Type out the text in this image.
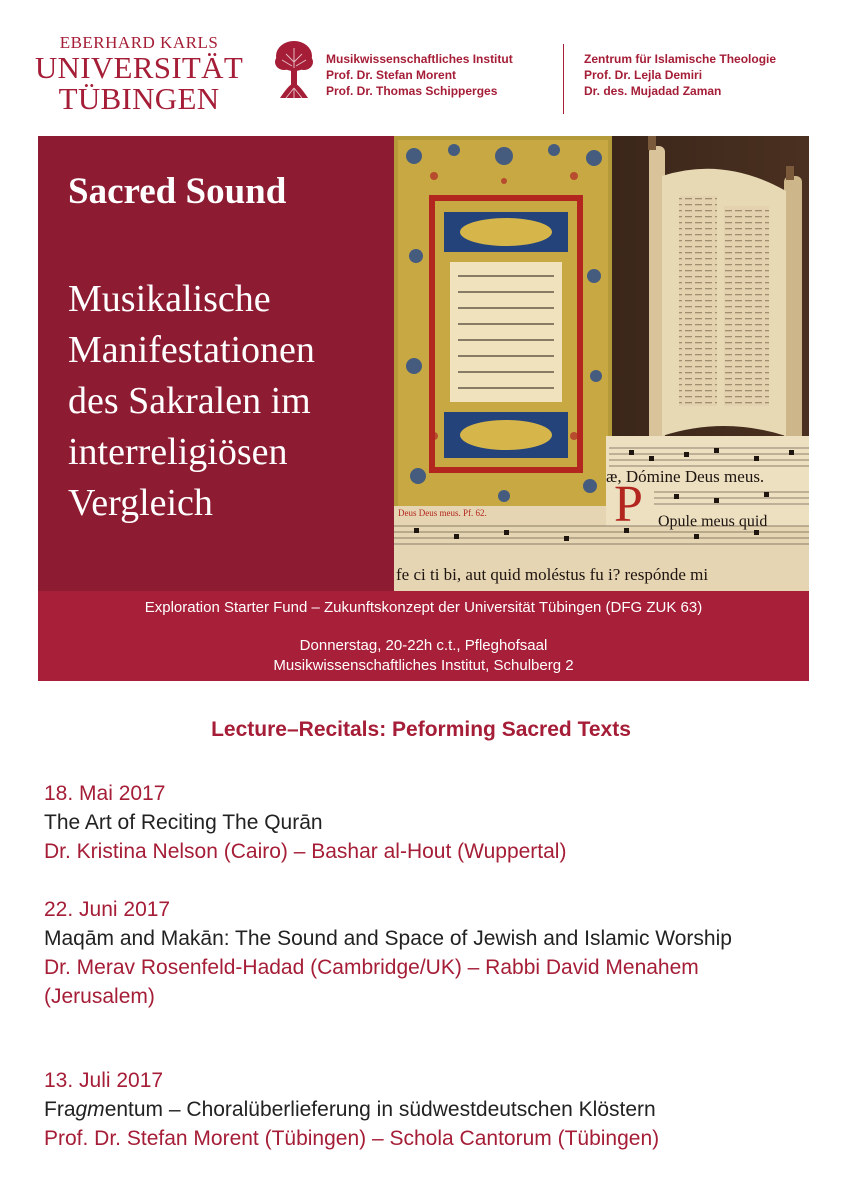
EBERHARD KARLS
UNIVERSITÄT
TÜBINGEN
Musikwissenschaftliches Institut
Prof. Dr. Stefan Morent
Prof. Dr. Thomas Schipperges
Zentrum für Islamische Theologie
Prof. Dr. Lejla Demiri
Dr. des. Mujadad Zaman
Sacred Sound
Musikalische
Manifestationen
des Sakralen im
interreligiösen
Vergleich
æ, Dómine Deus meus.
P Opule meus quid
Deus Deus meus. Pf. 62.
fe ci ti bi, aut quid moléstus fu i? respónde mi
Exploration Starter Fund – Zukunftskonzept der Universität Tübingen (DFG ZUK 63)
Donnerstag, 20-22h c.t., Pfleghofsaal
Musikwissenschaftliches Institut, Schulberg 2
Lecture–Recitals: Peforming Sacred Texts
18. Mai 2017
The Art of Reciting The Qurān
Dr. Kristina Nelson (Cairo) – Bashar al-Hout (Wuppertal)
22. Juni 2017
Maqām and Makān: The Sound and Space of Jewish and Islamic Worship
Dr. Merav Rosenfeld-Hadad (Cambridge/UK) – Rabbi David Menahem (Jerusalem)
13. Juli 2017
Fragmentum – Choralüberlieferung in südwestdeutschen Klöstern
Prof. Dr. Stefan Morent (Tübingen) – Schola Cantorum (Tübingen)
